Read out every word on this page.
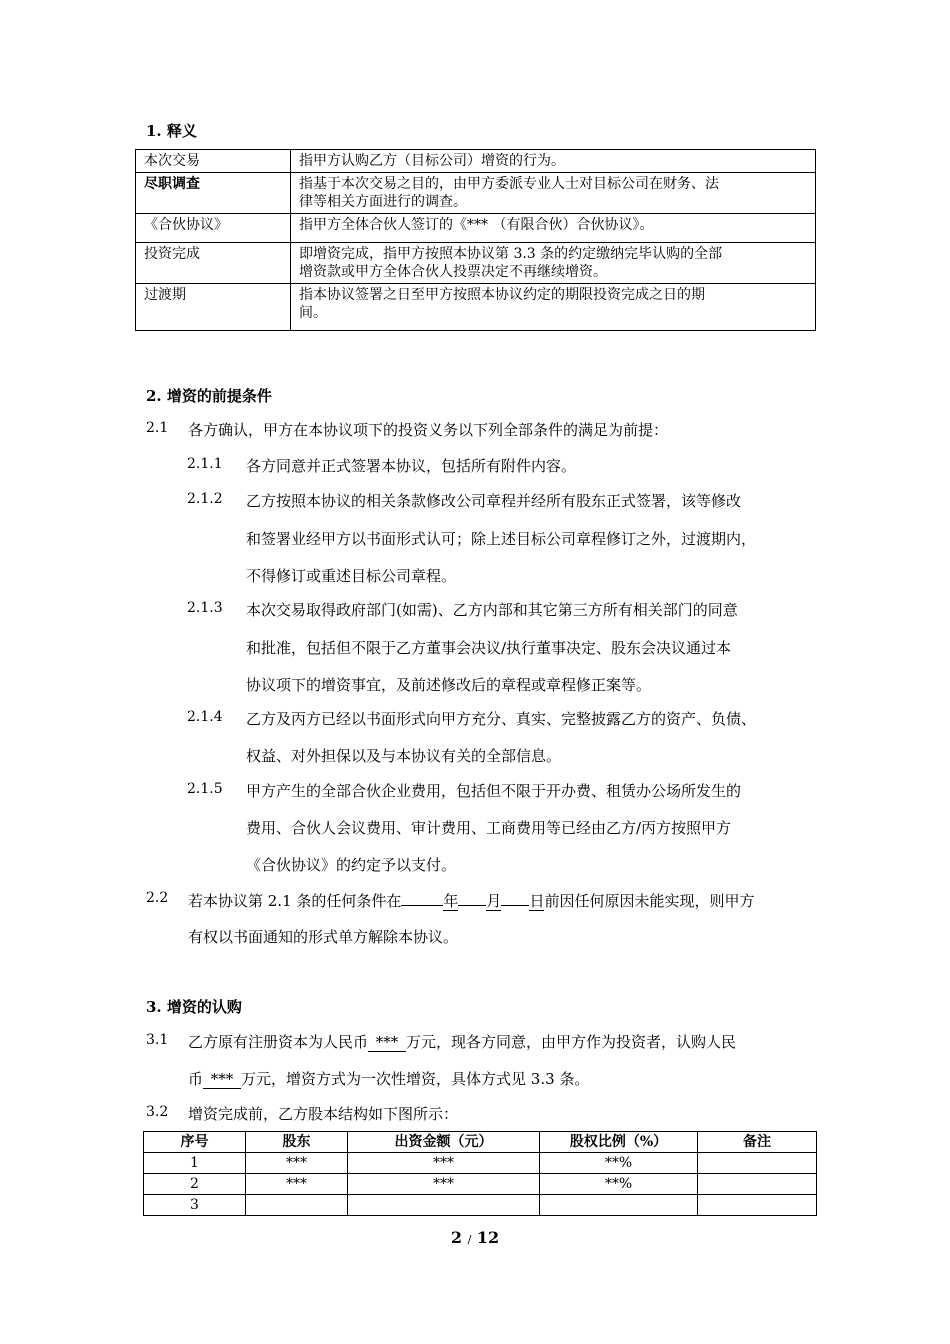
1. 释义
本次交易	指甲方认购乙方（目标公司）增资的行为。

尽职调查	指基于本次交易之目的，由甲方委派专业人士对目标公司在财务、法
律等相关方面进行的调查。

《合伙协议》	指甲方全体合伙人签订的《*** （有限合伙）合伙协议》。

投资完成	即增资完成，指甲方按照本协议第 3.3 条的约定缴纳完毕认购的全部
增资款或甲方全体合伙人投票决定不再继续增资。

过渡期	指本协议签署之日至甲方按照本协议约定的期限投资完成之日的期
间。
2. 增资的前提条件
2.1 各方确认，甲方在本协议项下的投资义务以下列全部条件的满足为前提：
2.1.1 各方同意并正式签署本协议，包括所有附件内容。
2.1.2 乙方按照本协议的相关条款修改公司章程并经所有股东正式签署，该等修改
和签署业经甲方以书面形式认可；除上述目标公司章程修订之外，过渡期内，
不得修订或重述目标公司章程。
2.1.3 本次交易取得政府部门(如需)、乙方内部和其它第三方所有相关部门的同意
和批准，包括但不限于乙方董事会决议/执行董事决定、股东会决议通过本
协议项下的增资事宜，及前述修改后的章程或章程修正案等。
2.1.4 乙方及丙方已经以书面形式向甲方充分、真实、完整披露乙方的资产、负债、
权益、对外担保以及与本协议有关的全部信息。
2.1.5 甲方产生的全部合伙企业费用，包括但不限于开办费、租赁办公场所发生的
费用、合伙人会议费用、审计费用、工商费用等已经由乙方/丙方按照甲方
《合伙协议》的约定予以支付。
2.2 若本协议第 2.1 条的任何条件在	年 月 日前因任何原因未能实现，则甲方
有权以书面通知的形式单方解除本协议。
3. 增资的认购
3.1 乙方原有注册资本为人民币 *** 万元，现各方同意，由甲方作为投资者，认购人民
币 *** 万元，增资方式为一次性增资，具体方式见 3.3 条。
3.2 增资完成前，乙方股本结构如下图所示：
序号	股东	出资金额（元）	股权比例（%）	备注
1	***	***	**%	
2	***	***	**%	
3				
2 / 12
